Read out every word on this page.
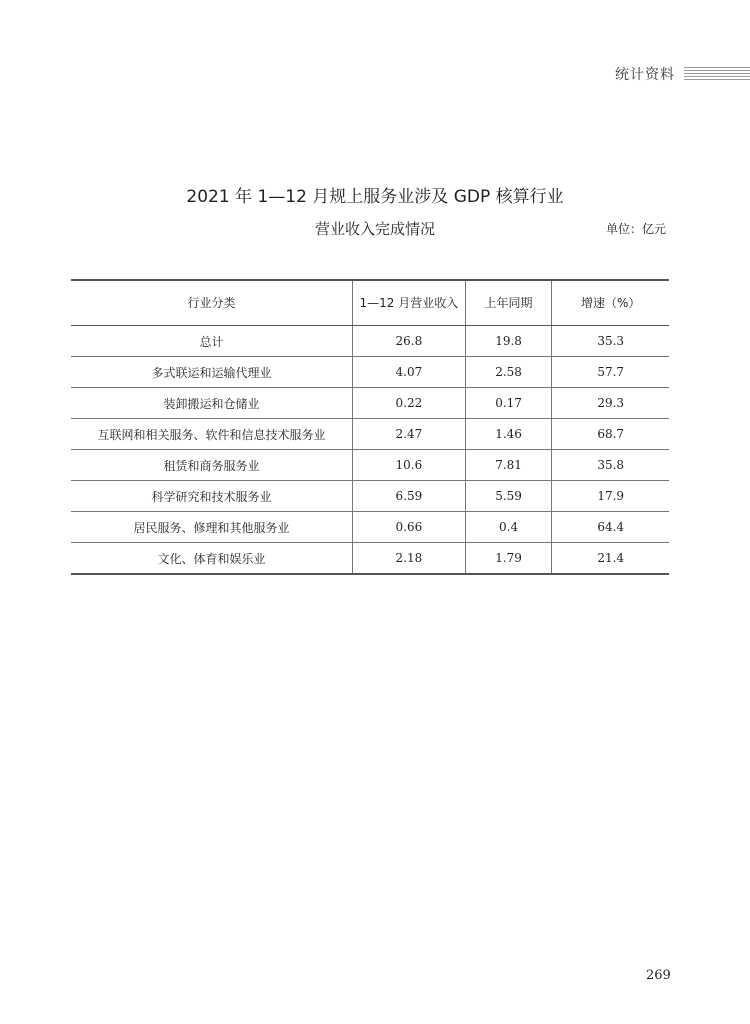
统计资料
2021 年 1—12 月规上服务业涉及 GDP 核算行业
营业收入完成情况	单位：亿元
行业分类	1—12 月营业收入	上年同期	增速（%）
总计	26.8	19.8	35.3
多式联运和运输代理业	4.07	2.58	57.7
装卸搬运和仓储业	0.22	0.17	29.3
互联网和相关服务、软件和信息技术服务业	2.47	1.46	68.7
租赁和商务服务业	10.6	7.81	35.8
科学研究和技术服务业	6.59	5.59	17.9
居民服务、修理和其他服务业	0.66	0.4	64.4
文化、体育和娱乐业	2.18	1.79	21.4
269
